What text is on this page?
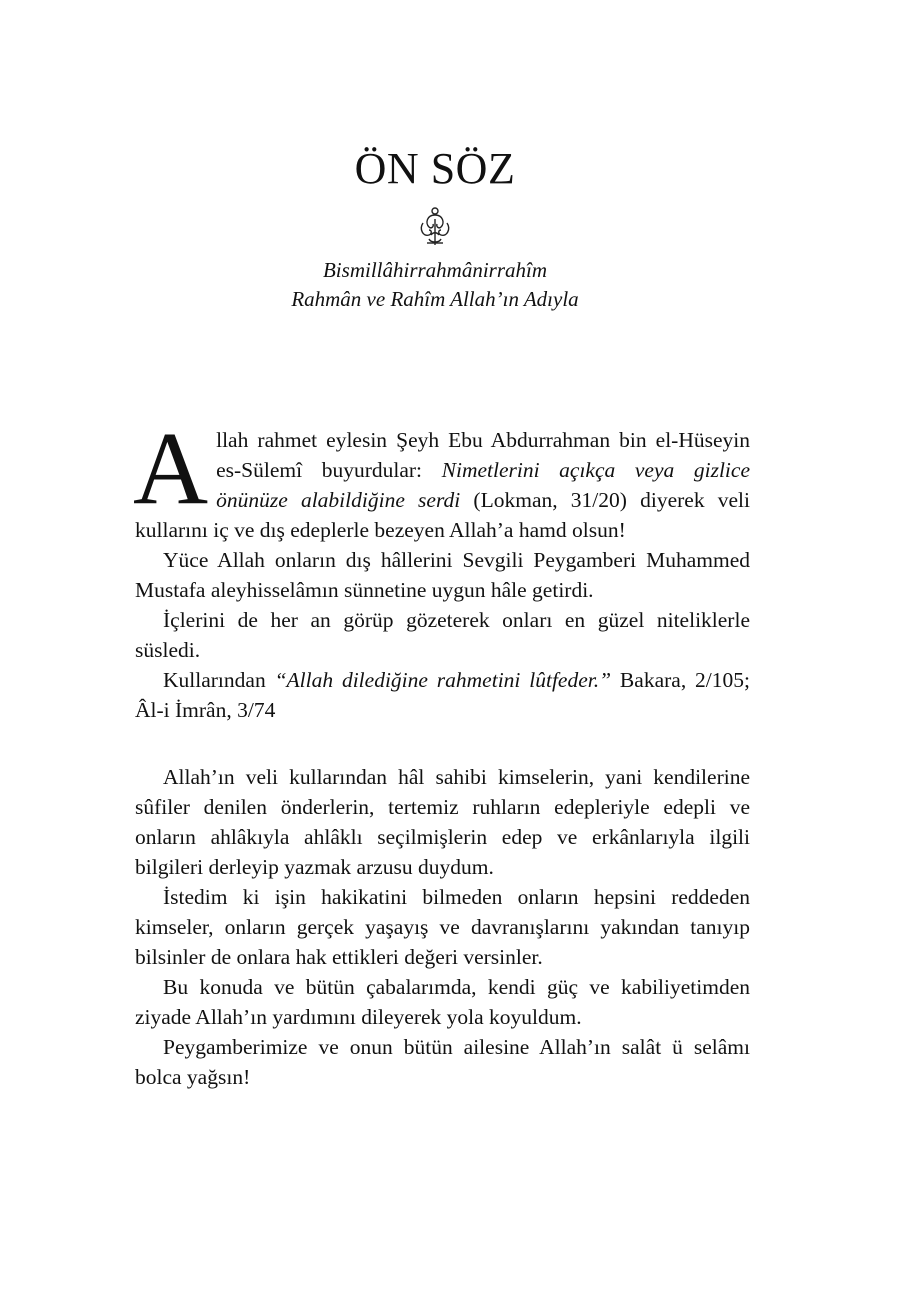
ÖN SÖZ
Bismillâhirrahmânirrahîm
Rahmân ve Rahîm Allah’ın Adıyla

Allah rahmet eylesin Şeyh Ebu Abdurrahman bin el-Hüseyin es-Sülemî buyurdular: Nimetlerini açıkça veya gizlice önünüze alabildiğine serdi (Lokman, 31/20) diyerek veli kullarını iç ve dış edeplerle bezeyen Allah’a hamd olsun!

Yüce Allah onların dış hâllerini Sevgili Peygamberi Muhammed Mustafa aleyhisselâmın sünnetine uygun hâle getirdi.

İçlerini de her an görüp gözeterek onları en güzel niteliklerle süsledi.

Kullarından “Allah dilediğine rahmetini lûtfeder.” Bakara, 2/105; Âl-i İmrân, 3/74

Allah’ın veli kullarından hâl sahibi kimselerin, yani kendilerine sûfiler denilen önderlerin, tertemiz ruhların edepleriyle edepli ve onların ahlâkıyla ahlâklı seçilmişlerin edep ve erkânlarıyla ilgili bilgileri derleyip yazmak arzusu duydum.

İstedim ki işin hakikatini bilmeden onların hepsini reddeden kimseler, onların gerçek yaşayış ve davranışlarını yakından tanıyıp bilsinler de onlara hak ettikleri değeri versinler.

Bu konuda ve bütün çabalarımda, kendi güç ve kabiliyetimden ziyade Allah’ın yardımını dileyerek yola koyuldum.

Peygamberimize ve onun bütün ailesine Allah’ın salât ü selâmı bolca yağsın!
